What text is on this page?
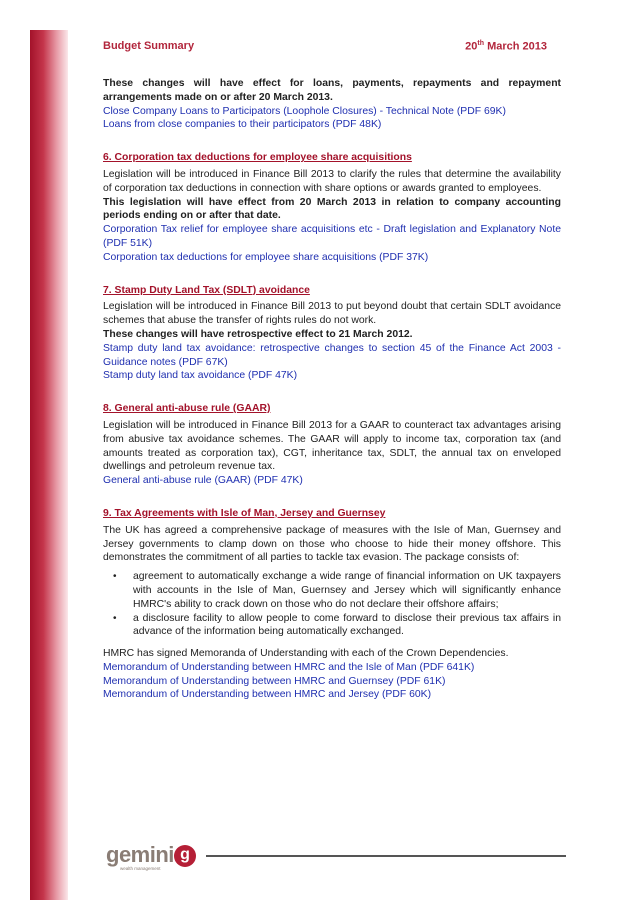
Budget Summary	20th March 2013

These changes will have effect for loans, payments, repayments and repayment arrangements made on or after 20 March 2013.

Close Company Loans to Participators (Loophole Closures) - Technical Note (PDF 69K)

Loans from close companies to their participators (PDF 48K)

6. Corporation tax deductions for employee share acquisitions

Legislation will be introduced in Finance Bill 2013 to clarify the rules that determine the availability of corporation tax deductions in connection with share options or awards granted to employees.

This legislation will have effect from 20 March 2013 in relation to company accounting periods ending on or after that date.

Corporation Tax relief for employee share acquisitions etc - Draft legislation and Explanatory Note (PDF 51K)

Corporation tax deductions for employee share acquisitions (PDF 37K)

7. Stamp Duty Land Tax (SDLT) avoidance

Legislation will be introduced in Finance Bill 2013 to put beyond doubt that certain SDLT avoidance schemes that abuse the transfer of rights rules do not work.

These changes will have retrospective effect to 21 March 2012.

Stamp duty land tax avoidance: retrospective changes to section 45 of the Finance Act 2003 - Guidance notes (PDF 67K)

Stamp duty land tax avoidance (PDF 47K)

8. General anti-abuse rule (GAAR)

Legislation will be introduced in Finance Bill 2013 for a GAAR to counteract tax advantages arising from abusive tax avoidance schemes. The GAAR will apply to income tax, corporation tax (and amounts treated as corporation tax), CGT, inheritance tax, SDLT, the annual tax on enveloped dwellings and petroleum revenue tax.

General anti-abuse rule (GAAR) (PDF 47K)

9. Tax Agreements with Isle of Man, Jersey and Guernsey

The UK has agreed a comprehensive package of measures with the Isle of Man, Guernsey and Jersey governments to clamp down on those who choose to hide their money offshore. This demonstrates the commitment of all parties to tackle tax evasion. The package consists of:

• agreement to automatically exchange a wide range of financial information on UK taxpayers with accounts in the Isle of Man, Guernsey and Jersey which will significantly enhance HMRC's ability to crack down on those who do not declare their offshore affairs;
• a disclosure facility to allow people to come forward to disclose their previous tax affairs in advance of the information being automatically exchanged.

HMRC has signed Memoranda of Understanding with each of the Crown Dependencies.

Memorandum of Understanding between HMRC and the Isle of Man (PDF 641K)

Memorandum of Understanding between HMRC and Guernsey (PDF 61K)

Memorandum of Understanding between HMRC and Jersey (PDF 60K)

gemini g
wealth management
